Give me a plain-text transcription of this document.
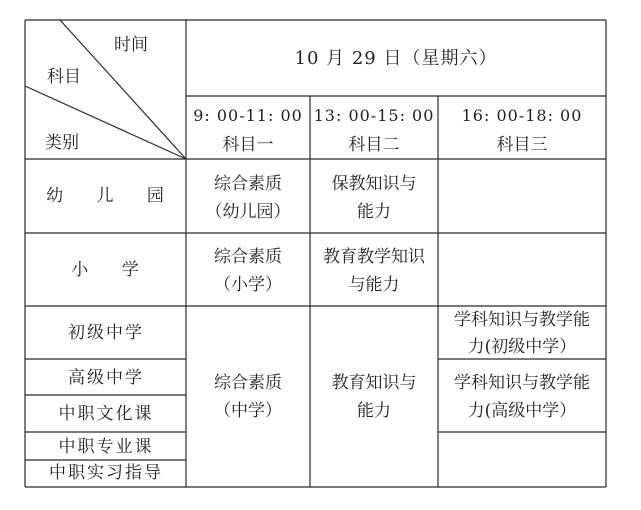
时间
科目
类别
10 月 29 日（星期六）
9: 00-11: 00
科目一
13: 00-15: 00
科目二
16: 00-18: 00
科目三
幼 儿 园
小 学
初级中学
高级中学
中职文化课
中职专业课
中职实习指导
综合素质
（幼儿园）
保教知识与
能力
综合素质
（小学）
教育教学知识
与能力
综合素质
（中学）
教育知识与
能力
学科知识与教学能
力(初级中学）
学科知识与教学能
力(高级中学）
